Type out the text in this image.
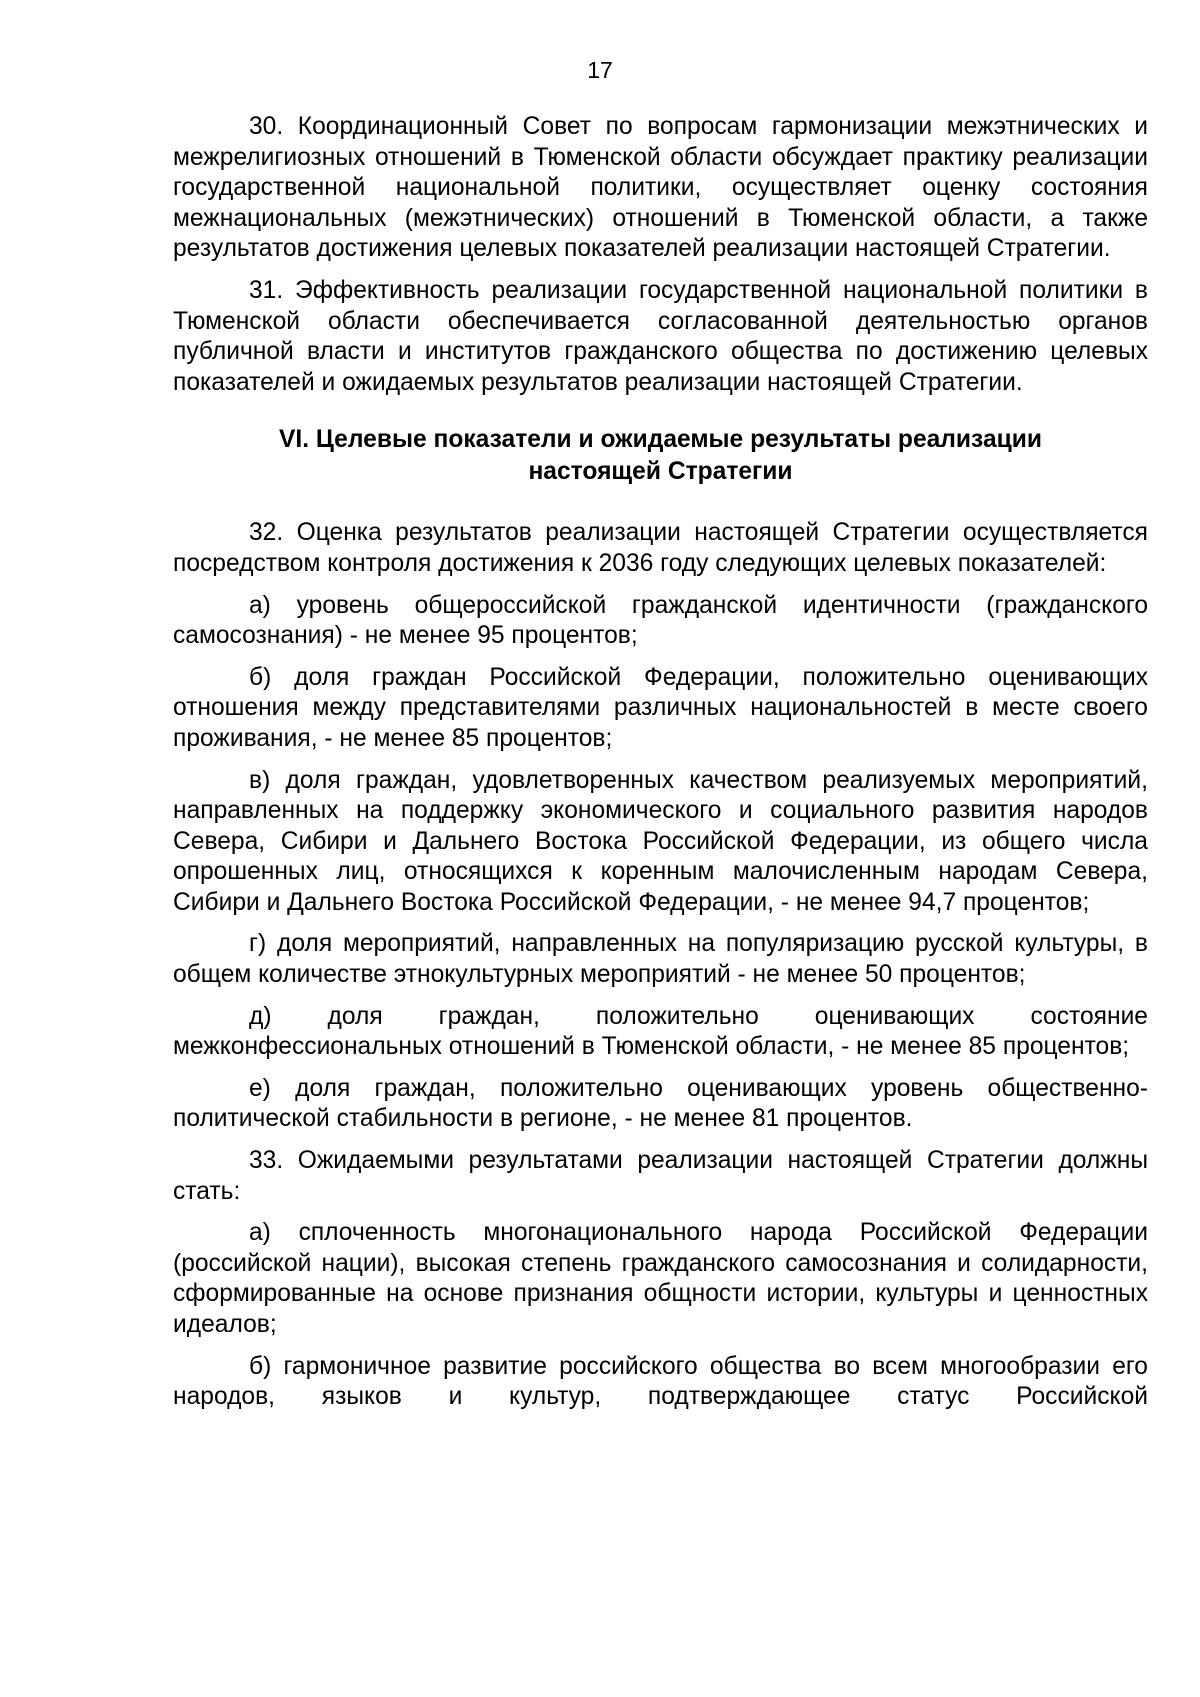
17

30. Координационный Совет по вопросам гармонизации межэтнических и межрелигиозных отношений в Тюменской области обсуждает практику реализации государственной национальной политики, осуществляет оценку состояния межнациональных (межэтнических) отношений в Тюменской области, а также результатов достижения целевых показателей реализации настоящей Стратегии.

31. Эффективность реализации государственной национальной политики в Тюменской области обеспечивается согласованной деятельностью органов публичной власти и институтов гражданского общества по достижению целевых показателей и ожидаемых результатов реализации настоящей Стратегии.

VI. Целевые показатели и ожидаемые результаты реализации
настоящей Стратегии

32. Оценка результатов реализации настоящей Стратегии осуществляется посредством контроля достижения к 2036 году следующих целевых показателей:

а) уровень общероссийской гражданской идентичности (гражданского самосознания) - не менее 95 процентов;

б) доля граждан Российской Федерации, положительно оценивающих отношения между представителями различных национальностей в месте своего проживания, - не менее 85 процентов;

в) доля граждан, удовлетворенных качеством реализуемых мероприятий, направленных на поддержку экономического и социального развития народов Севера, Сибири и Дальнего Востока Российской Федерации, из общего числа опрошенных лиц, относящихся к коренным малочисленным народам Севера, Сибири и Дальнего Востока Российской Федерации, - не менее 94,7 процентов;

г) доля мероприятий, направленных на популяризацию русской культуры, в общем количестве этнокультурных мероприятий - не менее 50 процентов;

д) доля граждан, положительно оценивающих состояние межконфессиональных отношений в Тюменской области, - не менее 85 процентов;

е) доля граждан, положительно оценивающих уровень общественно-политической стабильности в регионе, - не менее 81 процентов.

33. Ожидаемыми результатами реализации настоящей Стратегии должны стать:

а) сплоченность многонационального народа Российской Федерации (российской нации), высокая степень гражданского самосознания и солидарности, сформированные на основе признания общности истории, культуры и ценностных идеалов;

б) гармоничное развитие российского общества во всем многообразии его народов, языков и культур, подтверждающее статус Российской
